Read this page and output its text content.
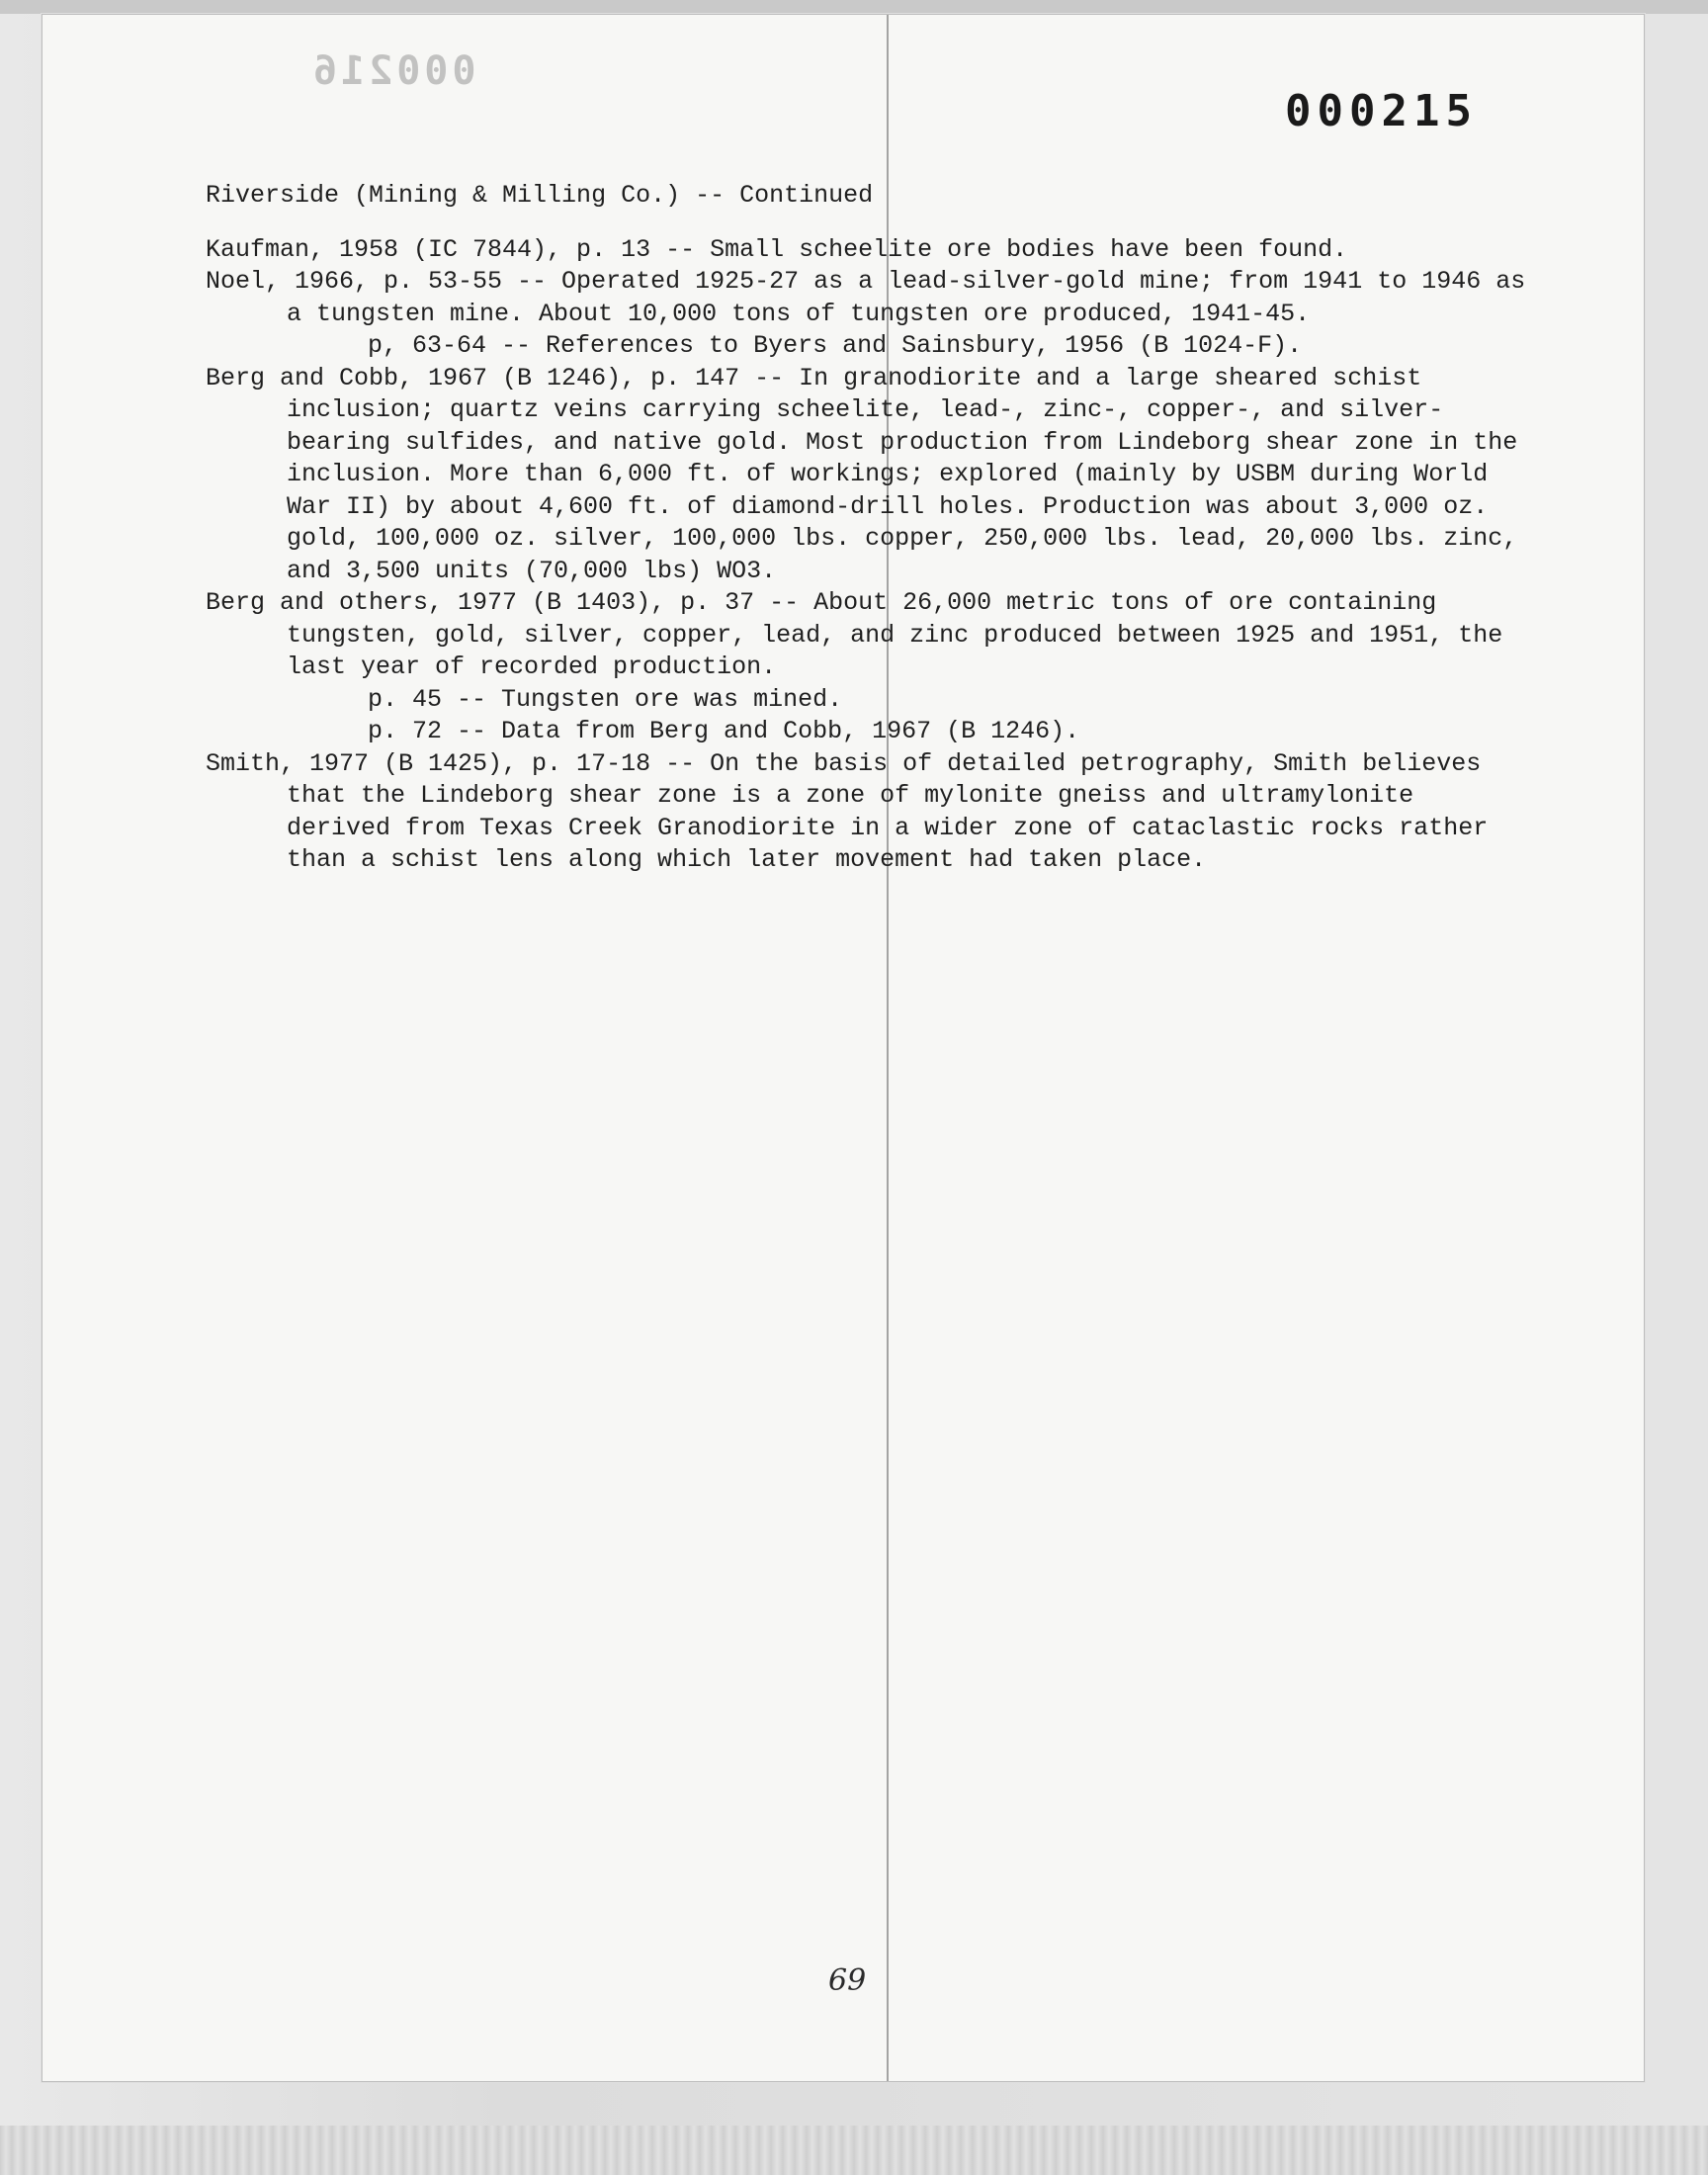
000216
000215

Riverside (Mining & Milling Co.) -- Continued

Kaufman, 1958 (IC 7844), p. 13 -- Small scheelite ore bodies have been found.

Noel, 1966, p. 53-55 -- Operated 1925-27 as a lead-silver-gold mine; from 1941 to 1946 as a tungsten mine. About 10,000 tons of tungsten ore produced, 1941-45.

p, 63-64 -- References to Byers and Sainsbury, 1956 (B 1024-F).

Berg and Cobb, 1967 (B 1246), p. 147 -- In granodiorite and a large sheared schist inclusion; quartz veins carrying scheelite, lead-, zinc-, copper-, and silver-bearing sulfides, and native gold. Most production from Lindeborg shear zone in the inclusion. More than 6,000 ft. of workings; explored (mainly by USBM during World War II) by about 4,600 ft. of diamond-drill holes. Production was about 3,000 oz. gold, 100,000 oz. silver, 100,000 lbs. copper, 250,000 lbs. lead, 20,000 lbs. zinc, and 3,500 units (70,000 lbs) WO3.

Berg and others, 1977 (B 1403), p. 37 -- About 26,000 metric tons of ore containing tungsten, gold, silver, copper, lead, and zinc produced between 1925 and 1951, the last year of recorded production.

p. 45 -- Tungsten ore was mined.

p. 72 -- Data from Berg and Cobb, 1967 (B 1246).

Smith, 1977 (B 1425), p. 17-18 -- On the basis of detailed petrography, Smith believes that the Lindeborg shear zone is a zone of mylonite gneiss and ultramylonite derived from Texas Creek Granodiorite in a wider zone of cataclastic rocks rather than a schist lens along which later movement had taken place.

69
